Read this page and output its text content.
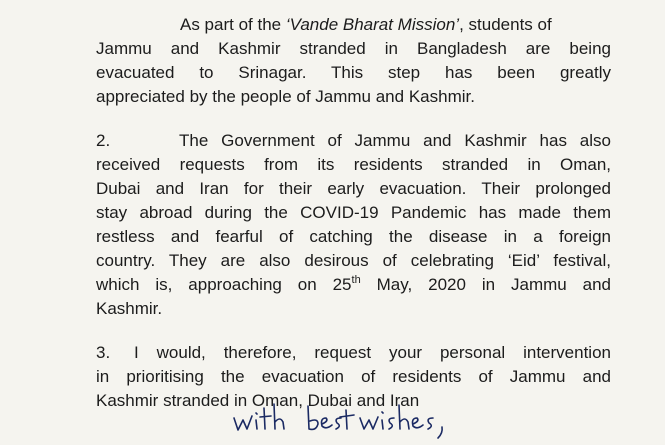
As part of the ‘Vande Bharat Mission’, students of
Jammu and Kashmir stranded in Bangladesh are being
evacuated to Srinagar. This step has been greatly
appreciated by the people of Jammu and Kashmir.
2.	The Government of Jammu and Kashmir has also
received requests from its residents stranded in Oman,
Dubai and Iran for their early evacuation. Their prolonged
stay abroad during the COVID-19 Pandemic has made them
restless and fearful of catching the disease in a foreign
country. They are also desirous of celebrating ‘Eid’ festival,
which is, approaching on 25th May, 2020 in Jammu and
Kashmir.
3. I would, therefore, request your personal intervention
in prioritising the evacuation of residents of Jammu and
Kashmir stranded in Oman, Dubai and Iran
